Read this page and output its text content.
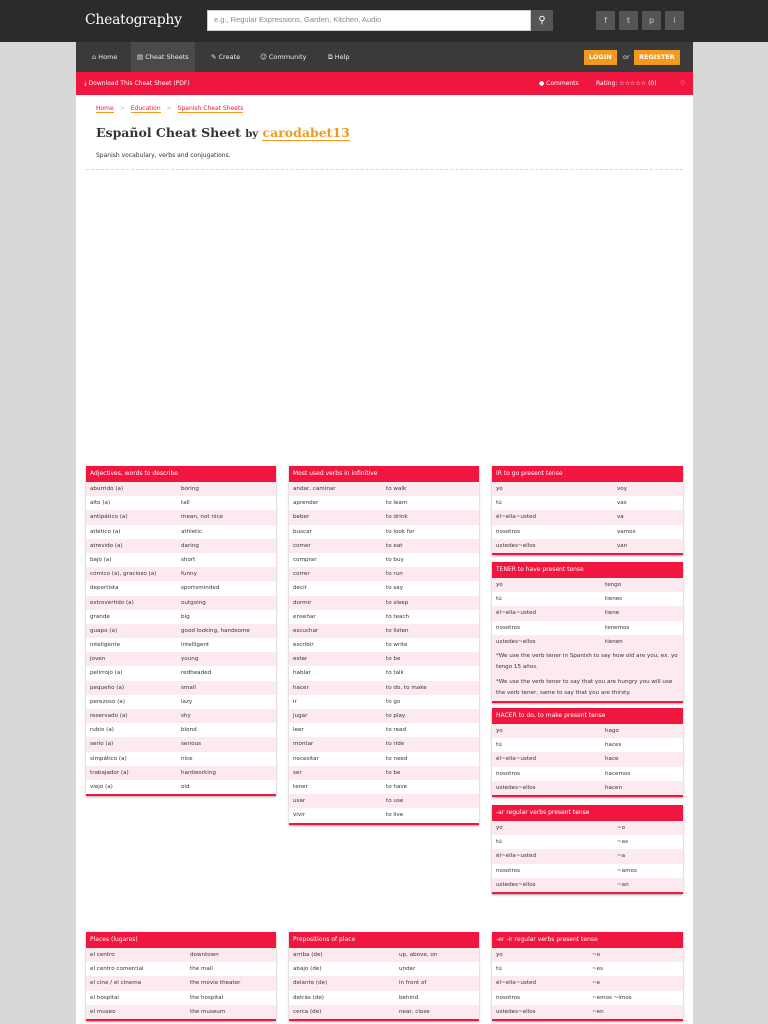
Cheatography	e.g., Regular Expressions, Garden, Kitchen, Audio	⚲	f	t	p	i
⌂ Home	▤ Cheat Sheets	✎ Create	☺ Community	⧉ Help	LOGIN	or	REGISTER
⤓ Download This Cheat Sheet (PDF)	● Comments	Rating: ☆☆☆☆☆ (0)	♡
Home > Education > Spanish Cheat Sheets
Español Cheat Sheet by carodabet13
Spanish vocabulary, verbs and conjugations.
Adjectives, words to describe
aburrido (a)	boring
alto (a)	tall
antipático (a)	mean, not nice
atlético (a)	athletic
atrevido (a)	daring
bajo (a)	short
cómico (a), gracioso (a)	funny
deportista	sportsminded
extrovertido (a)	outgoing
grande	big
guapo (a)	good looking, handsome
inteligente	intelligent
joven	young
pelirrojo (a)	redheaded
pequeño (a)	small
perezoso (a)	lazy
reservado (a)	shy
rubio (a)	blond
serio (a)	serious
simpático (a)	nice
trabajador (a)	hardworking
viejo (a)	old
Most used verbs in infinitive
andar, caminar	to walk
aprender	to learn
beber	to drink
buscar	to look for
comer	to eat
comprar	to buy
correr	to run
decir	to say
dormir	to sleep
enseñar	to teach
escuchar	to listen
escribir	to write
estar	to be
hablar	to talk
hacer	to do, to make
ir	to go
jugar	to play
leer	to read
montar	to ride
necesitar	to need
ser	to be
tener	to have
usar	to use
vivir	to live
IR to go present tense
yo	voy
tú	vas
él~ella~usted	va
nosotros	vamos
ustedes~ellos	van
TENER to have present tense
yo	tengo
tú	tienes
él~ella~usted	tiene
nosotros	tenemos
ustedes~ellos	tienen
*We use the verb tener in Spanish to say how old are you, ex. yo tengo 15 años.
*We use the verb tener to say that you are hungry you will use the verb tener, same to say that you are thirsty.
HACER to do, to make present tense
yo	hago
tú	haces
él~ella~usted	hace
nosotros	hacemos
ustedes~ellos	hacen
-ar regular verbs present tense
yo	~o
tú	~as
él~ella~usted	~a
nosotros	~amos
ustedes~ellos	~an
Places (lugares)
el centro	downtown
el centro comercial	the mall
el cine / el cinema	the movie theater
el hospital	the hospital
el museo	the museum
Prepositions of place
arriba (de)	up, above, on
abajo (de)	under
delante (de)	in front of
detrás (de)	behind
cerca (de)	near, close
-er -ir regular verbs present tense
yo	~o
tú	~es
él~ella~usted	~e
nosotros	~emos ~imos
ustedes~ellos	~en
